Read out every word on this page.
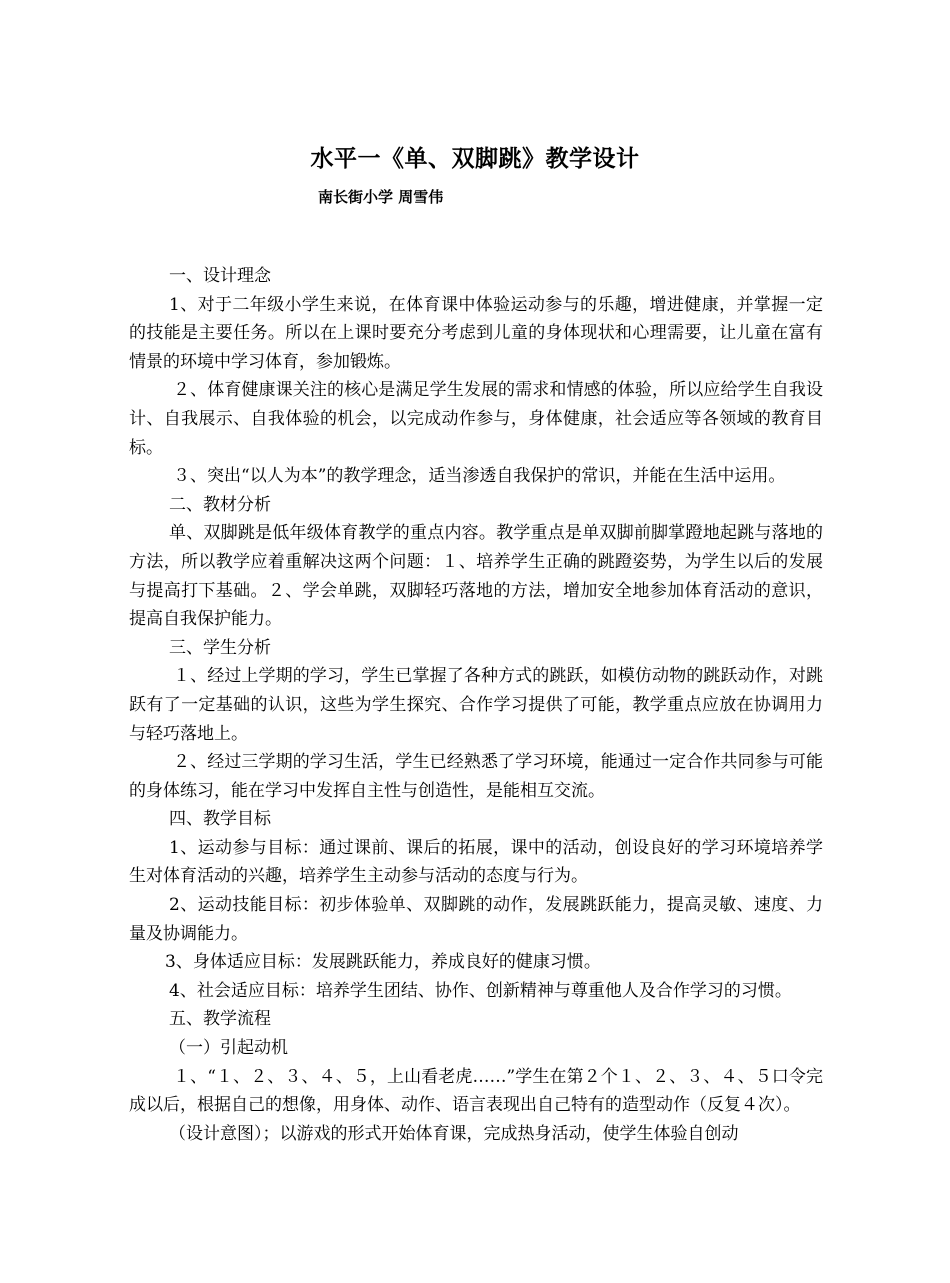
水平一《单、双脚跳》教学设计
南长街小学 周雪伟

一、设计理念

1、对于二年级小学生来说，在体育课中体验运动参与的乐趣，增进健康，并掌握一定的技能是主要任务。所以在上课时要充分考虑到儿童的身体现状和心理需要，让儿童在富有情景的环境中学习体育，参加锻炼。

２、体育健康课关注的核心是满足学生发展的需求和情感的体验，所以应给学生自我设计、自我展示、自我体验的机会，以完成动作参与，身体健康，社会适应等各领域的教育目标。

３、突出“以人为本”的教学理念，适当渗透自我保护的常识，并能在生活中运用。

二、教材分析

单、双脚跳是低年级体育教学的重点内容。教学重点是单双脚前脚掌蹬地起跳与落地的方法，所以教学应着重解决这两个问题：１、培养学生正确的跳蹬姿势，为学生以后的发展与提高打下基础。２、学会单跳，双脚轻巧落地的方法，增加安全地参加体育活动的意识，提高自我保护能力。

三、学生分析

１、经过上学期的学习，学生已掌握了各种方式的跳跃，如模仿动物的跳跃动作，对跳跃有了一定基础的认识，这些为学生探究、合作学习提供了可能，教学重点应放在协调用力与轻巧落地上。

２、经过三学期的学习生活，学生已经熟悉了学习环境，能通过一定合作共同参与可能的身体练习，能在学习中发挥自主性与创造性，是能相互交流。

四、教学目标

1、运动参与目标：通过课前、课后的拓展，课中的活动，创设良好的学习环境培养学生对体育活动的兴趣，培养学生主动参与活动的态度与行为。

2、运动技能目标：初步体验单、双脚跳的动作，发展跳跃能力，提高灵敏、速度、力量及协调能力。

3、身体适应目标：发展跳跃能力，养成良好的健康习惯。

4、社会适应目标：培养学生团结、协作、创新精神与尊重他人及合作学习的习惯。

五、教学流程

（一）引起动机

１、“１、２、３、４、５，上山看老虎……”学生在第２个１、２、３、４、５口令完成以后，根据自己的想像，用身体、动作、语言表现出自己特有的造型动作（反复４次）。

（设计意图）；以游戏的形式开始体育课，完成热身活动，使学生体验自创动
